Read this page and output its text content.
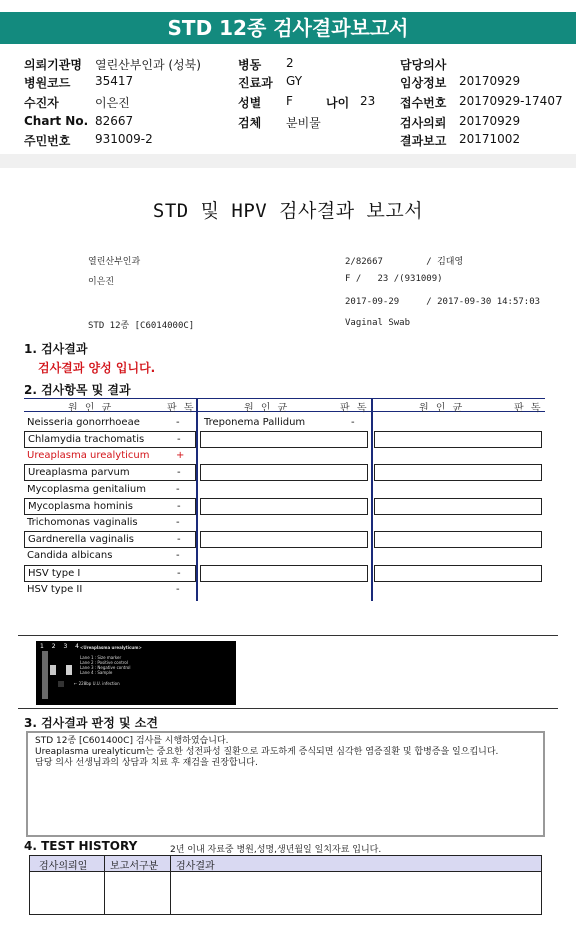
STD 12종 검사결과보고서
의뢰기관명 열린산부인과 (성북)
병원코드 35417
수진자	이은진
Chart No. 82667
주민번호 931009-2
병동 2
진료과 GY
성별 F	나이 23
검체 분비물
담당의사
임상정보 20170929
접수번호 20170929-17407
검사의뢰 20170929
결과보고 20171002
STD 및 HPV 검사결과 보고서
열린산부인과	2/82667        / 김대영
이은진	F /   23 /(931009)
2017-09-29     / 2017-09-30 14:57:03
STD 12종 [C6014000C]	Vaginal Swab
1. 검사결과
검사결과 양성 입니다.
2. 검사항목 및 결과
원 인 균	판 독	원 인 균	판 독	원 인 균	판 독
Neisseria gonorrhoeae	-
Chlamydia trachomatis	-
Ureaplasma urealyticum	+
Ureaplasma parvum	-
Mycoplasma genitalium	-
Mycoplasma hominis	-
Trichomonas vaginalis	-
Gardnerella vaginalis	-
Candida albicans	-
HSV type I	-
HSV type II	-
Treponema Pallidum	-
1 2 3 4
<Ureaplasma urealyticum>
Lane 1 : Size marker
Lane 2 : Positive control
Lane 3 : Negative control
Lane 4 : Sample
← 228bp U.U. infection
3. 검사결과 판정 및 소견
STD 12종 [C601400C] 검사를 시행하였습니다.
Ureaplasma urealyticum는 중요한 성전파성 질환으로 과도하게 증식되면 심각한 염증질환 및 합병증을 일으킵니다.
담당 의사 선생님과의 상담과 치료 후 재검을 권장합니다.
4. TEST HISTORY	2년 이내 자료중 병원,성명,생년월일 일치자료 입니다.
검사의뢰일 보고서구분 검사결과
